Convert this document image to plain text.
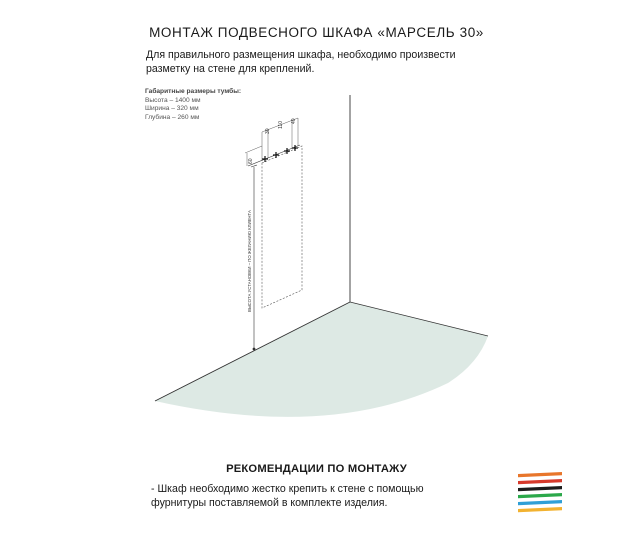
МОНТАЖ ПОДВЕСНОГО ШКАФА «МАРСЕЛЬ 30»
Для правильного размещения шкафа, необходимо произвести разметку на стене для креплений.
Габаритные размеры тумбы:
Высота – 1400 мм
Ширина – 320 мм
Глубина – 260 мм
30
110 40
60
ВЫСОТА УСТАНОВКИ – ПО ЖЕЛАНИЮ КЛИЕНТА
РЕКОМЕНДАЦИИ ПО МОНТАЖУ
- Шкаф необходимо жестко крепить к стене с помощью фурнитуры поставляемой в комплекте изделия.
